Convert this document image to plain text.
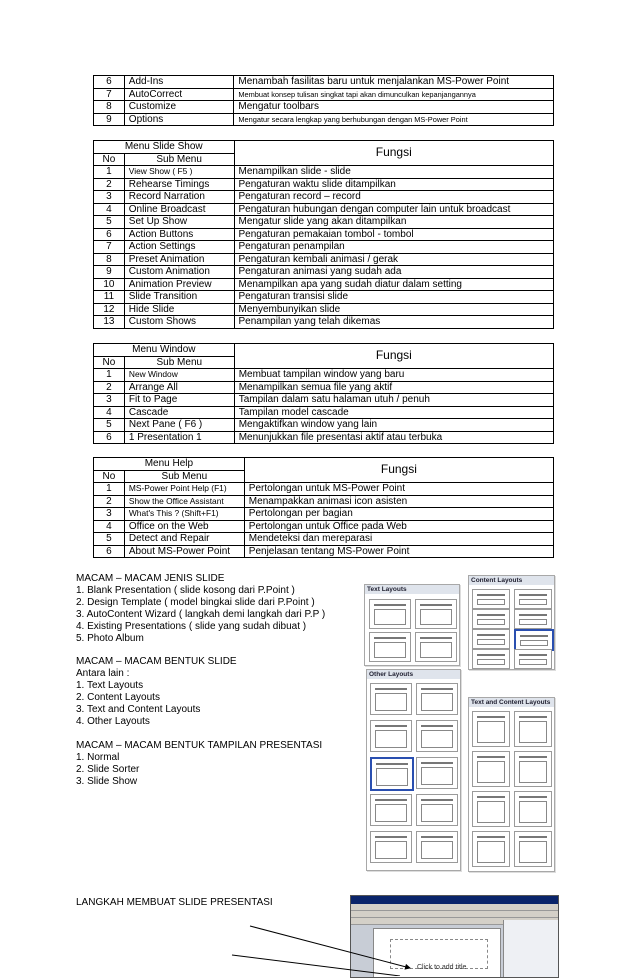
6	Add-Ins	Menambah fasilitas baru untuk menjalankan MS-Power Point
7	AutoCorrect	Membuat konsep tulisan singkat tapi akan dimunculkan kepanjangannya
8	Customize	Mengatur toolbars
9	Options	Mengatur secara lengkap yang berhubungan dengan MS-Power Point
Menu Slide Show		Fungsi
No	Sub Menu	
1	View Show ( F5 )	Menampilkan slide - slide
2	Rehearse Timings	Pengaturan waktu slide ditampilkan
3	Record Narration	Pengaturan record – record
4	Online Broadcast	Pengaturan hubungan dengan computer lain untuk broadcast
5	Set Up Show	Mengatur slide yang akan ditampilkan
6	Action Buttons	Pengaturan pemakaian tombol - tombol
7	Action Settings	Pengaturan penampilan
8	Preset Animation	Pengaturan kembali animasi / gerak
9	Custom Animation	Pengaturan animasi yang sudah ada
10	Animation Preview	Menampilkan apa yang sudah diatur dalam setting
11	Slide Transition	Pengaturan transisi slide
12	Hide Slide	Menyembunyikan slide
13	Custom Shows	Penampilan yang telah dikemas
Menu Window		Fungsi
No	Sub Menu	
1	New Window	Membuat tampilan window yang baru
2	Arrange All	Menampilkan semua file yang aktif
3	Fit to Page	Tampilan dalam satu halaman utuh / penuh
4	Cascade	Tampilan model cascade
5	Next Pane ( F6 )	Mengaktifkan window yang lain
6	1 Presentation 1	Menunjukkan file presentasi aktif atau terbuka
Menu Help		Fungsi
No	Sub Menu	
1	MS-Power Point Help (F1)	Pertolongan untuk MS-Power Point
2	Show the Office Assistant	Menampakkan animasi icon asisten
3	What's This ? (Shift+F1)	Pertolongan per bagian
4	Office on the Web	Pertolongan untuk Office pada Web
5	Detect and Repair	Mendeteksi dan mereparasi
6	About MS-Power Point	Penjelasan tentang MS-Power Point
MACAM – MACAM JENIS SLIDE
1. Blank Presentation ( slide kosong dari P.Point )
2. Design Template ( model bingkai slide dari P.Point )
3. AutoContent Wizard ( langkah demi langkah dari P.P )
4. Existing Presentations ( slide yang sudah dibuat )
5. Photo Album
MACAM – MACAM BENTUK SLIDE
Antara lain :
1. Text Layouts
2. Content Layouts
3. Text and Content Layouts
4. Other Layouts
MACAM – MACAM BENTUK TAMPILAN PRESENTASI
1. Normal
2. Slide Sorter
3. Slide Show
LANGKAH MEMBUAT SLIDE PRESENTASI
Text Layouts
Content Layouts
Other Layouts
Text and Content Layouts
Click to add title
